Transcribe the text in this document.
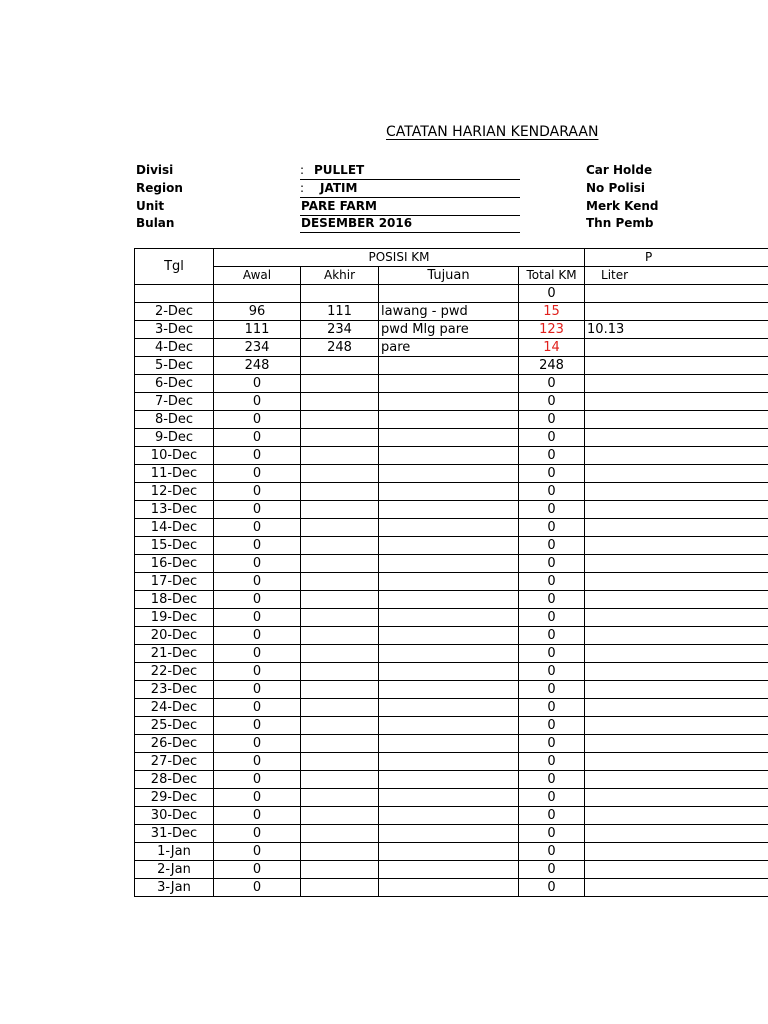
CATATAN HARIAN KENDARAAN
Divisi	: PULLET	Car Holde
Region	: JATIM	No Polisi
Unit	PARE FARM	Merk Kend
Bulan	DESEMBER 2016	Thn Pemb
Tgl	POSISI KM				P
	Awal	Akhir	Tujuan	Total KM	Liter
				0	
2-Dec	96	111	lawang - pwd	15	
3-Dec	111	234	pwd Mlg pare	123	10.13
4-Dec	234	248	pare	14	
5-Dec	248			248	
6-Dec	0			0	
7-Dec	0			0	
8-Dec	0			0	
9-Dec	0			0	
10-Dec	0			0	
11-Dec	0			0	
12-Dec	0			0	
13-Dec	0			0	
14-Dec	0			0	
15-Dec	0			0	
16-Dec	0			0	
17-Dec	0			0	
18-Dec	0			0	
19-Dec	0			0	
20-Dec	0			0	
21-Dec	0			0	
22-Dec	0			0	
23-Dec	0			0	
24-Dec	0			0	
25-Dec	0			0	
26-Dec	0			0	
27-Dec	0			0	
28-Dec	0			0	
29-Dec	0			0	
30-Dec	0			0	
31-Dec	0			0	
1-Jan	0			0	
2-Jan	0			0	
3-Jan	0			0	
